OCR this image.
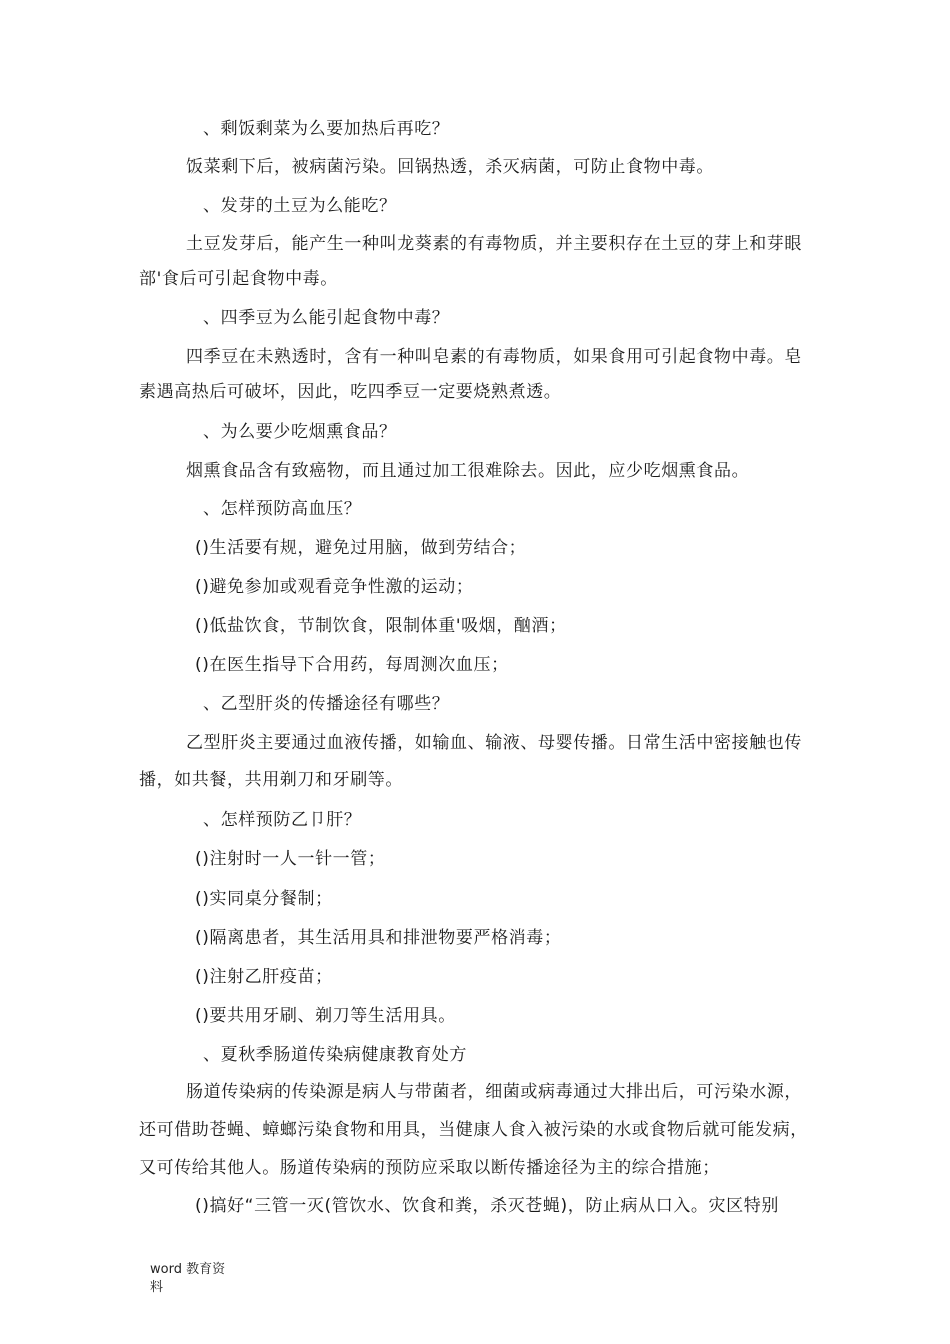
、剩饭剩菜为么要加热后再吃？
饭菜剩下后，被病菌污染。回锅热透，杀灭病菌，可防止食物中毒。
、发芽的土豆为么能吃？
土豆发芽后，能产生一种叫龙葵素的有毒物质，并主要积存在土豆的芽上和芽眼
部'食后可引起食物中毒。
、四季豆为么能引起食物中毒？
四季豆在未熟透时，含有一种叫皂素的有毒物质，如果食用可引起食物中毒。皂
素遇高热后可破坏，因此，吃四季豆一定要烧熟煮透。
、为么要少吃烟熏食品？
烟熏食品含有致癌物，而且通过加工很难除去。因此，应少吃烟熏食品。
、怎样预防高血压？
()生活要有规，避免过用脑，做到劳结合；
()避免参加或观看竞争性激的运动；
()低盐饮食，节制饮食，限制体重'吸烟，酗酒；
()在医生指导下合用药，每周测次血压；
、乙型肝炎的传播途径有哪些？
乙型肝炎主要通过血液传播，如输血、输液、母婴传播。日常生活中密接触也传
播，如共餐，共用剃刀和牙刷等。
、怎样预防乙卩肝？
()注射时一人一针一管；
()实同桌分餐制；
()隔离患者，其生活用具和排泄物要严格消毒；
()注射乙肝疫苗；
()要共用牙刷、剃刀等生活用具。
、夏秋季肠道传染病健康教育处方
肠道传染病的传染源是病人与带菌者，细菌或病毒通过大排出后，可污染水源，
还可借助苍蝇、蟑螂污染食物和用具，当健康人食入被污染的水或食物后就可能发病，
又可传给其他人。肠道传染病的预防应采取以断传播途径为主的综合措施；
()搞好“三管一灭(管饮水、饮食和粪，杀灭苍蝇)，防止病从口入。灾区特别
word 教育资
料
